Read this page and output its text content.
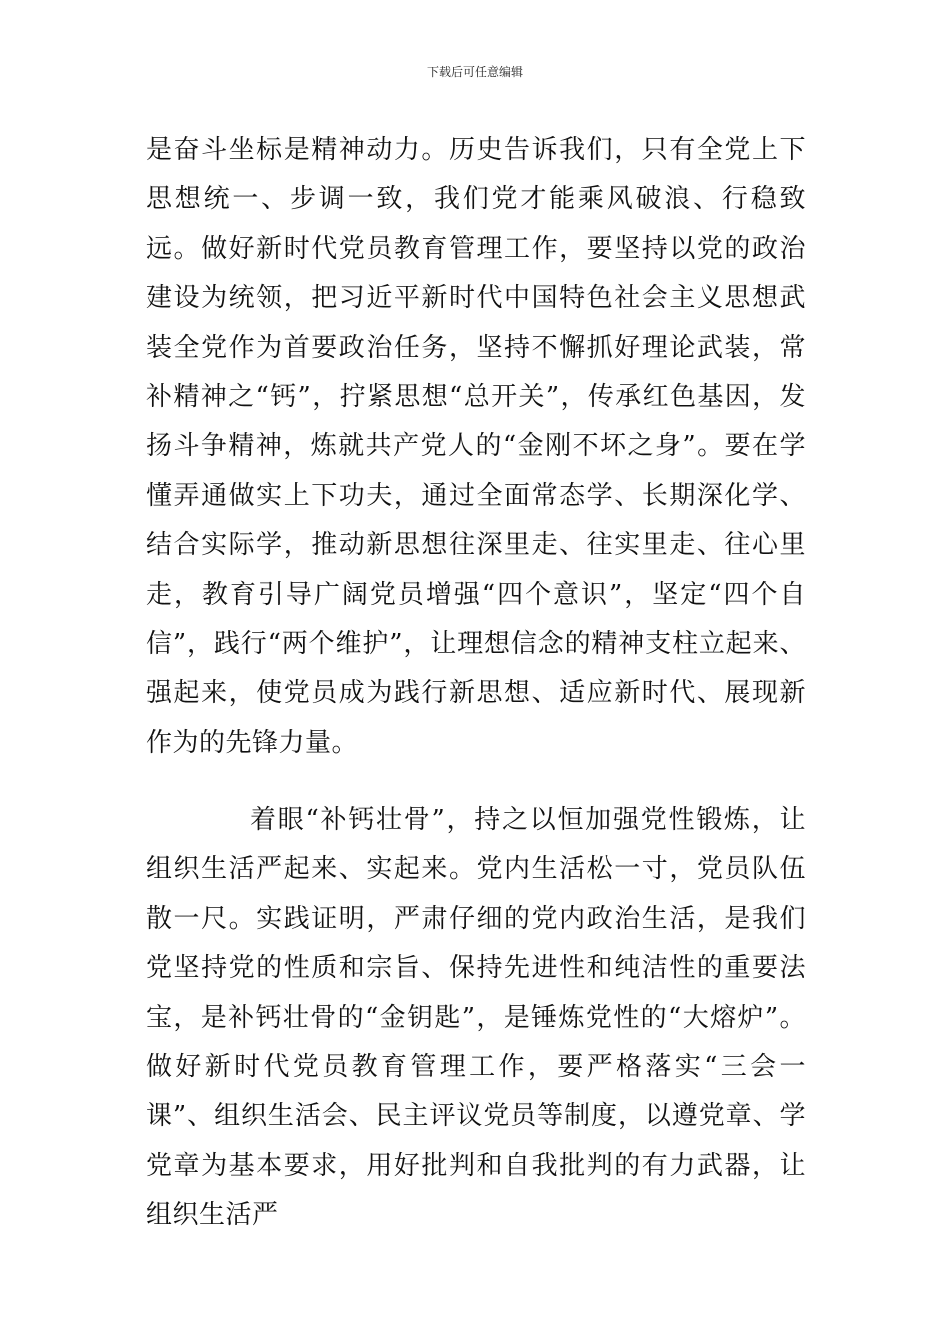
下载后可任意编辑

是奋斗坐标是精神动力。历史告诉我们，只有全党上下思想统一、步调一致，我们党才能乘风破浪、行稳致远。做好新时代党员教育管理工作，要坚持以党的政治建设为统领，把习近平新时代中国特色社会主义思想武装全党作为首要政治任务，坚持不懈抓好理论武装，常补精神之“钙”，拧紧思想“总开关”，传承红色基因，发扬斗争精神，炼就共产党人的“金刚不坏之身”。要在学懂弄通做实上下功夫，通过全面常态学、长期深化学、结合实际学，推动新思想往深里走、往实里走、往心里走，教育引导广阔党员增强“四个意识”，坚定“四个自信”，践行“两个维护”，让理想信念的精神支柱立起来、强起来，使党员成为践行新思想、适应新时代、展现新作为的先锋力量。

着眼“补钙壮骨”，持之以恒加强党性锻炼，让组织生活严起来、实起来。党内生活松一寸，党员队伍散一尺。实践证明，严肃仔细的党内政治生活，是我们党坚持党的性质和宗旨、保持先进性和纯洁性的重要法宝，是补钙壮骨的“金钥匙”，是锤炼党性的“大熔炉”。做好新时代党员教育管理工作，要严格落实“三会一课”、组织生活会、民主评议党员等制度，以遵党章、学党章为基本要求，用好批判和自我批判的有力武器，让组织生活严
